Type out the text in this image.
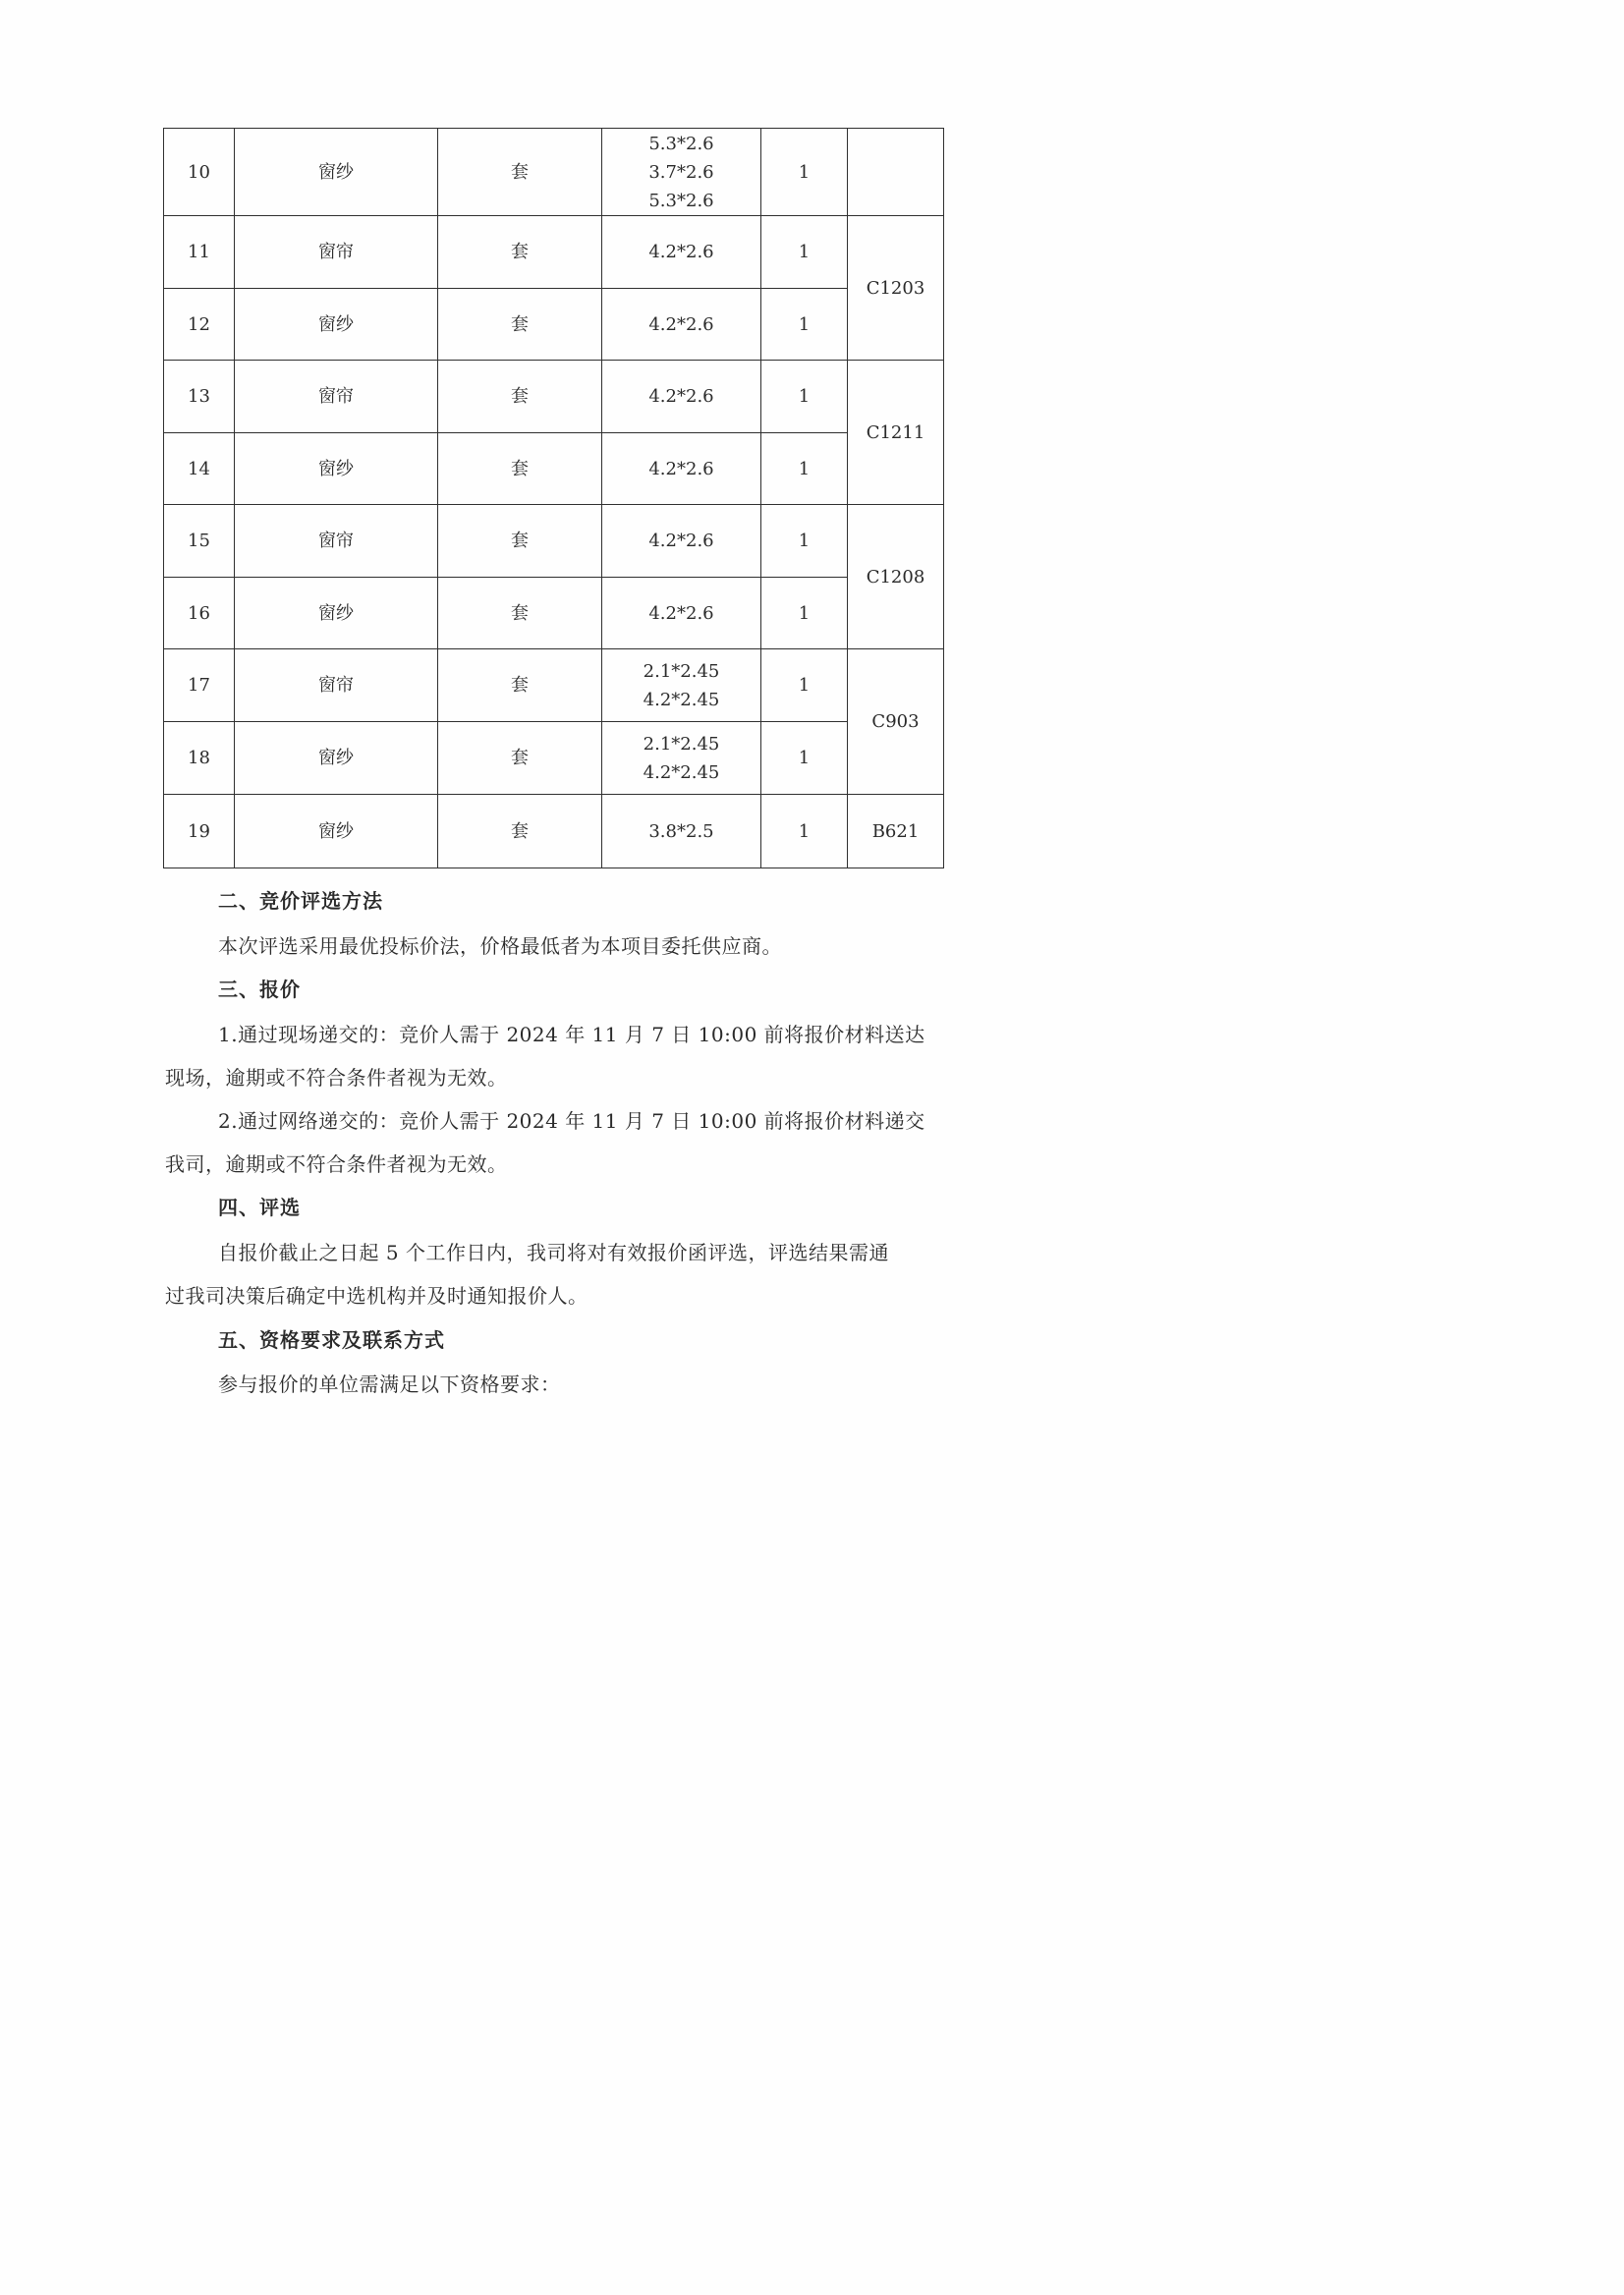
10	窗纱	套	5.3*2.6
3.7*2.6
5.3*2.6	1	
11	窗帘	套	4.2*2.6	1	C1203
12	窗纱	套	4.2*2.6	1	
13	窗帘	套	4.2*2.6	1	C1211
14	窗纱	套	4.2*2.6	1	
15	窗帘	套	4.2*2.6	1	C1208
16	窗纱	套	4.2*2.6	1	
17	窗帘	套	2.1*2.45
4.2*2.45	1	C903
18	窗纱	套	2.1*2.45
4.2*2.45	1	
19	窗纱	套	3.8*2.5	1	B621
二、竞价评选方法
本次评选采用最优投标价法，价格最低者为本项目委托供应商。
三、报价
1.通过现场递交的：竞价人需于 2024 年 11 月 7 日 10:00 前将报价材料送达
现场，逾期或不符合条件者视为无效。
2.通过网络递交的：竞价人需于 2024 年 11 月 7 日 10:00 前将报价材料递交
我司，逾期或不符合条件者视为无效。
四、评选
自报价截止之日起 5 个工作日内，我司将对有效报价函评选，评选结果需通
过我司决策后确定中选机构并及时通知报价人。
五、资格要求及联系方式
参与报价的单位需满足以下资格要求：
